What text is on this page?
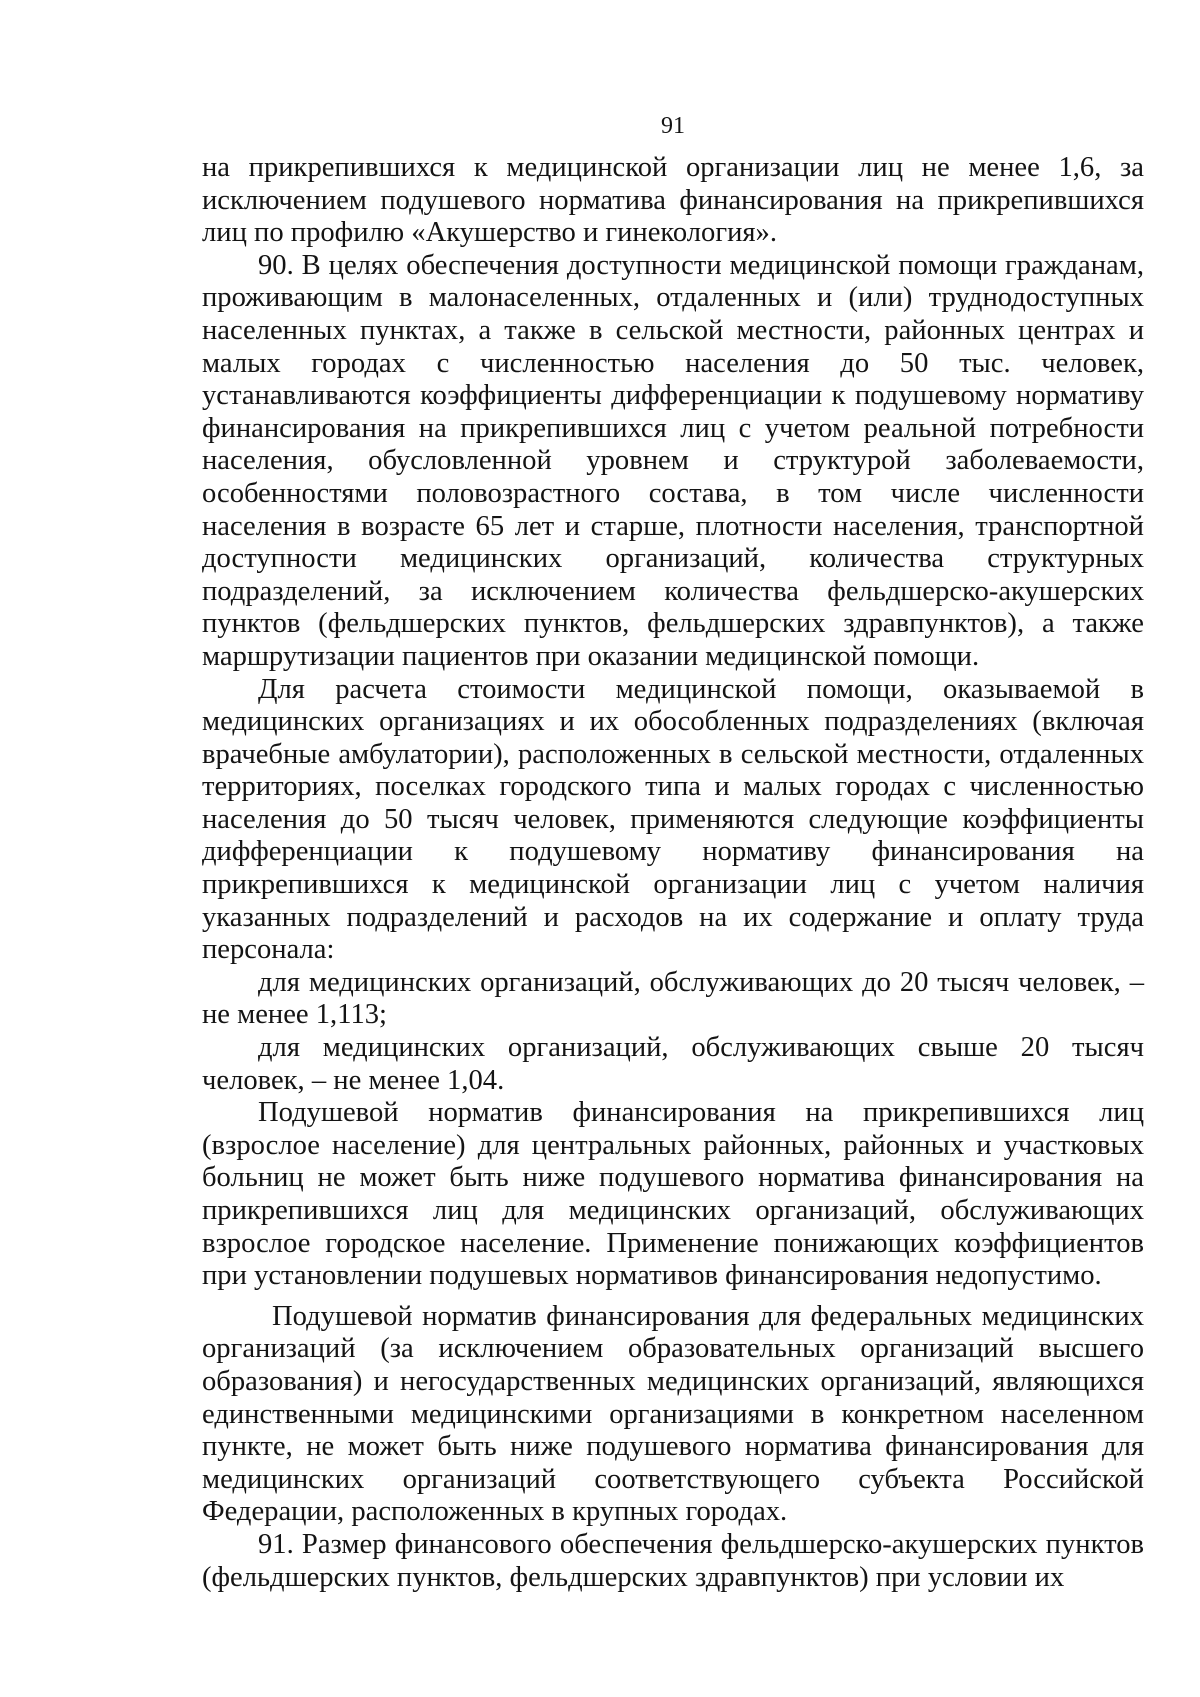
91

на прикрепившихся к медицинской организации лиц не менее 1,6, за исключением подушевого норматива финансирования на прикрепившихся лиц по профилю «Акушерство и гинекология».

90. В целях обеспечения доступности медицинской помощи гражданам, проживающим в малонаселенных, отдаленных и (или) труднодоступных населенных пунктах, а также в сельской местности, районных центрах и малых городах с численностью населения до 50 тыс. человек, устанавливаются коэффициенты дифференциации к подушевому нормативу финансирования на прикрепившихся лиц с учетом реальной потребности населения, обусловленной уровнем и структурой заболеваемости, особенностями половозрастного состава, в том числе численности населения в возрасте 65 лет и старше, плотности населения, транспортной доступности медицинских организаций, количества структурных подразделений, за исключением количества фельдшерско-акушерских пунктов (фельдшерских пунктов, фельдшерских здравпунктов), а также маршрутизации пациентов при оказании медицинской помощи.

Для расчета стоимости медицинской помощи, оказываемой в медицинских организациях и их обособленных подразделениях (включая врачебные амбулатории), расположенных в сельской местности, отдаленных территориях, поселках городского типа и малых городах с численностью населения до 50 тысяч человек, применяются следующие коэффициенты дифференциации к подушевому нормативу финансирования на прикрепившихся к медицинской организации лиц с учетом наличия указанных подразделений и расходов на их содержание и оплату труда персонала:

для медицинских организаций, обслуживающих до 20 тысяч человек, – не менее 1,113;

для медицинских организаций, обслуживающих свыше 20 тысяч человек, – не менее 1,04.

Подушевой норматив финансирования на прикрепившихся лиц (взрослое население) для центральных районных, районных и участковых больниц не может быть ниже подушевого норматива финансирования на прикрепившихся лиц для медицинских организаций, обслуживающих взрослое городское население. Применение понижающих коэффициентов при установлении подушевых нормативов финансирования недопустимо.

Подушевой норматив финансирования для федеральных медицинских организаций (за исключением образовательных организаций высшего образования) и негосударственных медицинских организаций, являющихся единственными медицинскими организациями в конкретном населенном пункте, не может быть ниже подушевого норматива финансирования для медицинских организаций соответствующего субъекта Российской Федерации, расположенных в крупных городах.

91. Размер финансового обеспечения фельдшерско-акушерских пунктов (фельдшерских пунктов, фельдшерских здравпунктов) при условии их
